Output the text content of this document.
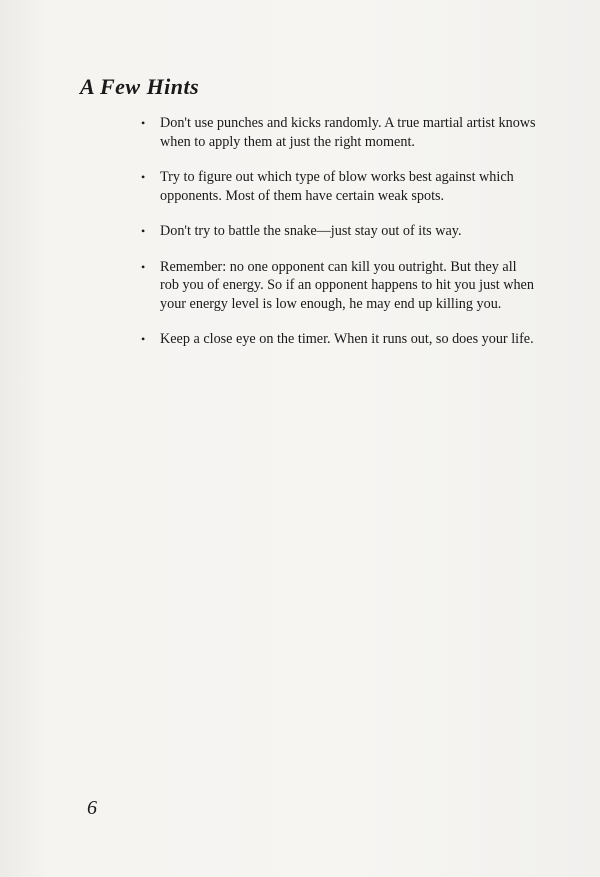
A Few Hints
• Don't use punches and kicks randomly. A true martial artist knows when to apply them at just the right moment.
• Try to figure out which type of blow works best against which opponents. Most of them have certain weak spots.
• Don't try to battle the snake—just stay out of its way.
• Remember: no one opponent can kill you outright. But they all rob you of energy. So if an opponent happens to hit you just when your energy level is low enough, he may end up killing you.
• Keep a close eye on the timer. When it runs out, so does your life.

6
